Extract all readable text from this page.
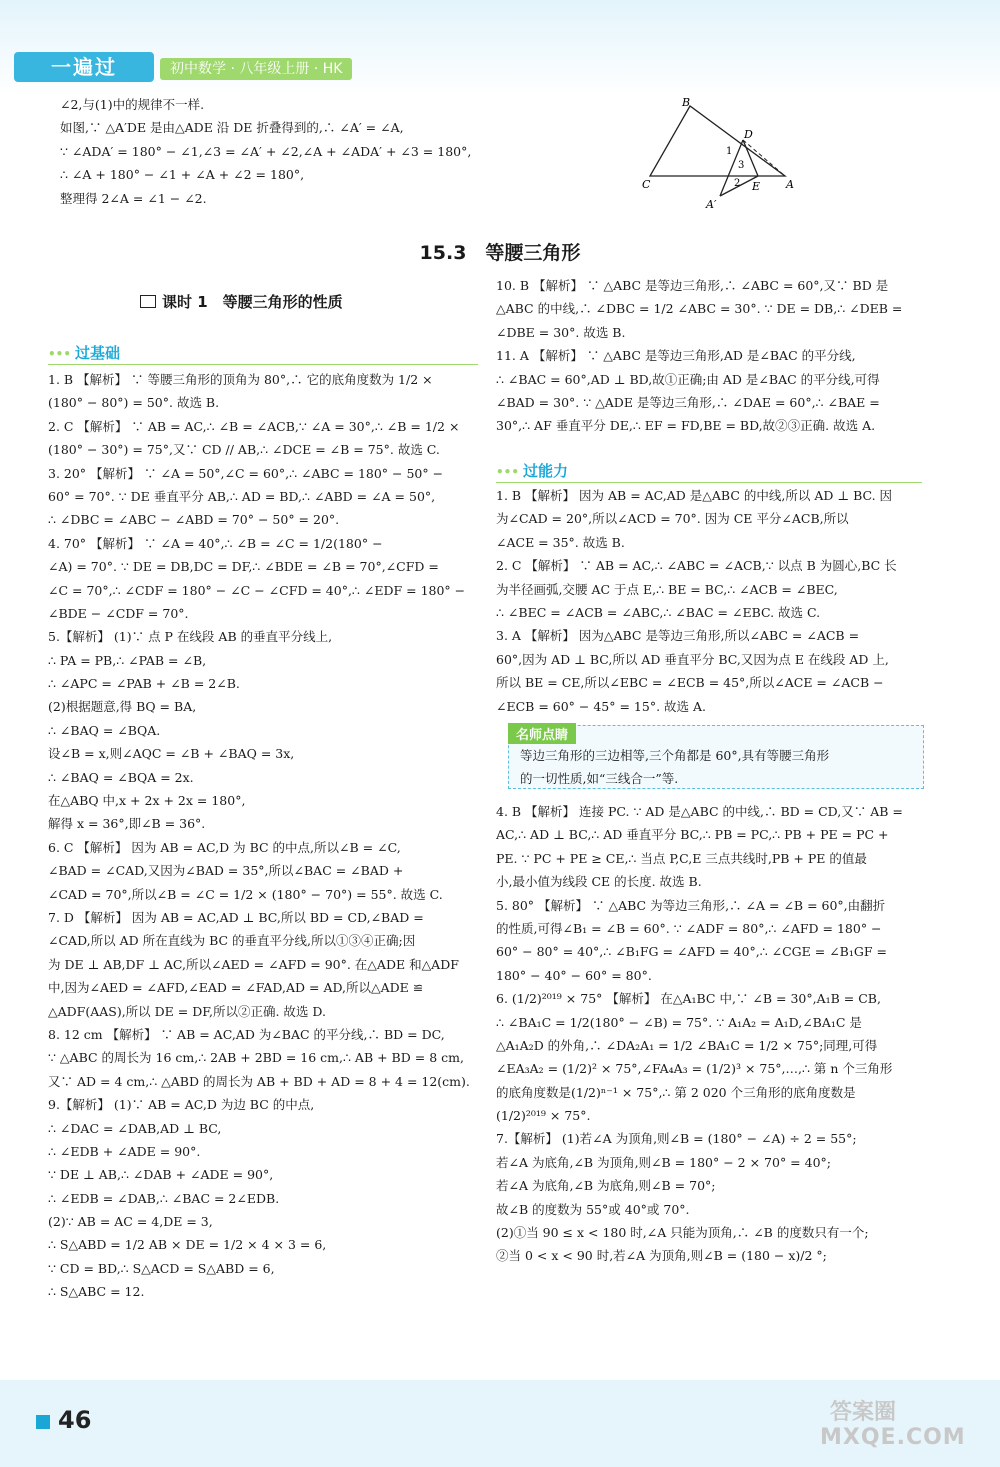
一遍过	初中数学 · 八年级上册 · HK
∠2,与(1)中的规律不一样.
如图,∵ △A′DE 是由△ADE 沿 DE 折叠得到的,∴ ∠A′ = ∠A,
∵ ∠ADA′ = 180° − ∠1,∠3 = ∠A′ + ∠2,∠A + ∠ADA′ + ∠3 = 180°,
∴ ∠A + 180° − ∠1 + ∠A + ∠2 = 180°,
整理得 2∠A = ∠1 − ∠2.
B
D
C	E A
A′
1
3
2
15.3　等腰三角形
课时 1　等腰三角形的性质
••• 过基础
1. B 【解析】 ∵ 等腰三角形的顶角为 80°,∴ 它的底角度数为 1/2 ×
(180° − 80°) = 50°. 故选 B.
2. C 【解析】 ∵ AB = AC,∴ ∠B = ∠ACB,∵ ∠A = 30°,∴ ∠B = 1/2 ×
(180° − 30°) = 75°,又∵ CD // AB,∴ ∠DCE = ∠B = 75°. 故选 C.
3. 20° 【解析】 ∵ ∠A = 50°,∠C = 60°,∴ ∠ABC = 180° − 50° −
60° = 70°. ∵ DE 垂直平分 AB,∴ AD = BD,∴ ∠ABD = ∠A = 50°,
∴ ∠DBC = ∠ABC − ∠ABD = 70° − 50° = 20°.
4. 70° 【解析】 ∵ ∠A = 40°,∴ ∠B = ∠C = 1/2(180° −
∠A) = 70°. ∵ DE = DB,DC = DF,∴ ∠BDE = ∠B = 70°,∠CFD =
∠C = 70°,∴ ∠CDF = 180° − ∠C − ∠CFD = 40°,∴ ∠EDF = 180° −
∠BDE − ∠CDF = 70°.
5.【解析】 (1)∵ 点 P 在线段 AB 的垂直平分线上,
∴ PA = PB,∴ ∠PAB = ∠B,
∴ ∠APC = ∠PAB + ∠B = 2∠B.
(2)根据题意,得 BQ = BA,
∴ ∠BAQ = ∠BQA.
设∠B = x,则∠AQC = ∠B + ∠BAQ = 3x,
∴ ∠BAQ = ∠BQA = 2x.
在△ABQ 中,x + 2x + 2x = 180°,
解得 x = 36°,即∠B = 36°.
6. C 【解析】 因为 AB = AC,D 为 BC 的中点,所以∠B = ∠C,
∠BAD = ∠CAD,又因为∠BAD = 35°,所以∠BAC = ∠BAD +
∠CAD = 70°,所以∠B = ∠C = 1/2 × (180° − 70°) = 55°. 故选 C.
7. D 【解析】 因为 AB = AC,AD ⊥ BC,所以 BD = CD,∠BAD =
∠CAD,所以 AD 所在直线为 BC 的垂直平分线,所以①③④正确;因
为 DE ⊥ AB,DF ⊥ AC,所以∠AED = ∠AFD = 90°. 在△ADE 和△ADF
中,因为∠AED = ∠AFD,∠EAD = ∠FAD,AD = AD,所以△ADE ≌
△ADF(AAS),所以 DE = DF,所以②正确. 故选 D.
8. 12 cm 【解析】 ∵ AB = AC,AD 为∠BAC 的平分线,∴ BD = DC,
∵ △ABC 的周长为 16 cm,∴ 2AB + 2BD = 16 cm,∴ AB + BD = 8 cm,
又∵ AD = 4 cm,∴ △ABD 的周长为 AB + BD + AD = 8 + 4 = 12(cm).
9.【解析】 (1)∵ AB = AC,D 为边 BC 的中点,
∴ ∠DAC = ∠DAB,AD ⊥ BC,
∴ ∠EDB + ∠ADE = 90°.
∵ DE ⊥ AB,∴ ∠DAB + ∠ADE = 90°,
∴ ∠EDB = ∠DAB,∴ ∠BAC = 2∠EDB.
(2)∵ AB = AC = 4,DE = 3,
∴ S△ABD = 1/2 AB × DE = 1/2 × 4 × 3 = 6,
∵ CD = BD,∴ S△ACD = S△ABD = 6,
∴ S△ABC = 12.
10. B 【解析】 ∵ △ABC 是等边三角形,∴ ∠ABC = 60°,又∵ BD 是
△ABC 的中线,∴ ∠DBC = 1/2 ∠ABC = 30°. ∵ DE = DB,∴ ∠DEB =
∠DBE = 30°. 故选 B.
11. A 【解析】 ∵ △ABC 是等边三角形,AD 是∠BAC 的平分线,
∴ ∠BAC = 60°,AD ⊥ BD,故①正确;由 AD 是∠BAC 的平分线,可得
∠BAD = 30°. ∵ △ADE 是等边三角形,∴ ∠DAE = 60°,∴ ∠BAE =
30°,∴ AF 垂直平分 DE,∴ EF = FD,BE = BD,故②③正确. 故选 A.
••• 过能力
1. B 【解析】 因为 AB = AC,AD 是△ABC 的中线,所以 AD ⊥ BC. 因
为∠CAD = 20°,所以∠ACD = 70°. 因为 CE 平分∠ACB,所以
∠ACE = 35°. 故选 B.
2. C 【解析】 ∵ AB = AC,∴ ∠ABC = ∠ACB,∵ 以点 B 为圆心,BC 长
为半径画弧,交腰 AC 于点 E,∴ BE = BC,∴ ∠ACB = ∠BEC,
∴ ∠BEC = ∠ACB = ∠ABC,∴ ∠BAC = ∠EBC. 故选 C.
3. A 【解析】 因为△ABC 是等边三角形,所以∠ABC = ∠ACB =
60°,因为 AD ⊥ BC,所以 AD 垂直平分 BC,又因为点 E 在线段 AD 上,
所以 BE = CE,所以∠EBC = ∠ECB = 45°,所以∠ACE = ∠ACB −
∠ECB = 60° − 45° = 15°. 故选 A.
名师点睛
等边三角形的三边相等,三个角都是 60°,具有等腰三角形
的一切性质,如“三线合一”等.
4. B 【解析】 连接 PC. ∵ AD 是△ABC 的中线,∴ BD = CD,又∵ AB =
AC,∴ AD ⊥ BC,∴ AD 垂直平分 BC,∴ PB = PC,∴ PB + PE = PC +
PE. ∵ PC + PE ≥ CE,∴ 当点 P,C,E 三点共线时,PB + PE 的值最
小,最小值为线段 CE 的长度. 故选 B.
5. 80° 【解析】 ∵ △ABC 为等边三角形,∴ ∠A = ∠B = 60°,由翻折
的性质,可得∠B₁ = ∠B = 60°. ∵ ∠ADF = 80°,∴ ∠AFD = 180° −
60° − 80° = 40°,∴ ∠B₁FG = ∠AFD = 40°,∴ ∠CGE = ∠B₁GF =
180° − 40° − 60° = 80°.
6. (1/2)²⁰¹⁹ × 75° 【解析】 在△A₁BC 中,∵ ∠B = 30°,A₁B = CB,
∴ ∠BA₁C = 1/2(180° − ∠B) = 75°. ∵ A₁A₂ = A₁D,∠BA₁C 是
△A₁A₂D 的外角,∴ ∠DA₂A₁ = 1/2 ∠BA₁C = 1/2 × 75°;同理,可得
∠EA₃A₂ = (1/2)² × 75°,∠FA₄A₃ = (1/2)³ × 75°,…,∴ 第 n 个三角形
的底角度数是(1/2)ⁿ⁻¹ × 75°,∴ 第 2 020 个三角形的底角度数是
(1/2)²⁰¹⁹ × 75°.
7.【解析】 (1)若∠A 为顶角,则∠B = (180° − ∠A) ÷ 2 = 55°;
若∠A 为底角,∠B 为顶角,则∠B = 180° − 2 × 70° = 40°;
若∠A 为底角,∠B 为底角,则∠B = 70°;
故∠B 的度数为 55°或 40°或 70°.
(2)①当 90 ≤ x < 180 时,∠A 只能为顶角,∴ ∠B 的度数只有一个;
②当 0 < x < 90 时,若∠A 为顶角,则∠B = (180 − x)/2 °;
46	答案圈
MXQE.COM
